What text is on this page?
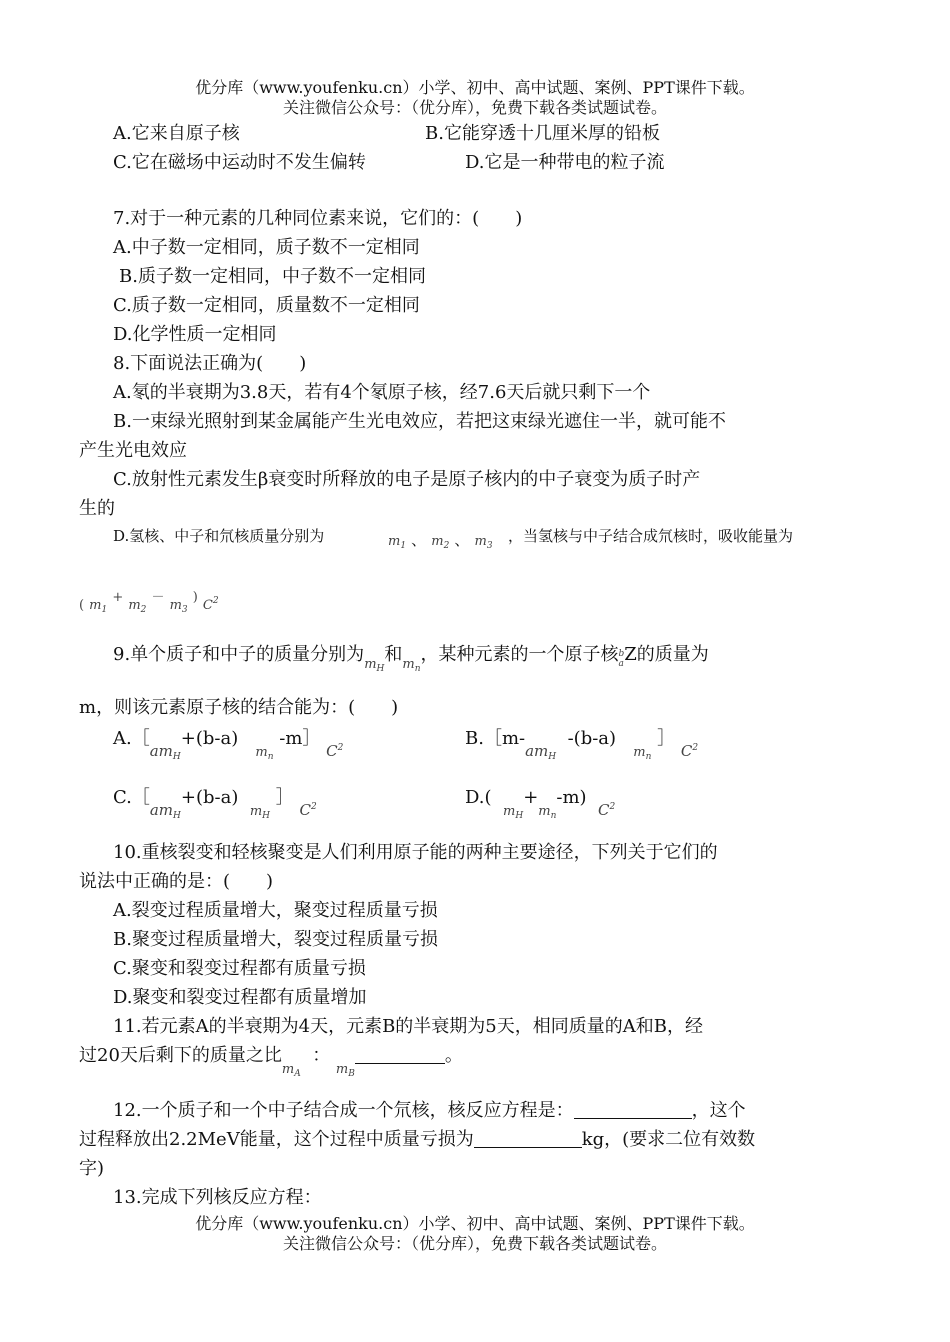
优分库（www.youfenku.cn）小学、初中、高中试题、案例、PPT课件下载。
关注微信公众号：（优分库），免费下载各类试题试卷。
A.它来自原子核	B.它能穿透十几厘米厚的铅板
C.它在磁场中运动时不发生偏转	D.它是一种带电的粒子流
7.对于一种元素的几种同位素来说，它们的：(　　)
A.中子数一定相同，质子数不一定相同
B.质子数一定相同，中子数不一定相同
C.质子数一定相同，质量数不一定相同
D.化学性质一定相同
8.下面说法正确为(　　)
A.氡的半衰期为3.8天，若有4个氡原子核，经7.6天后就只剩下一个
B.一束绿光照射到某金属能产生光电效应，若把这束绿光遮住一半，就可能不
产生光电效应
C.放射性元素发生β衰变时所释放的电子是原子核内的中子衰变为质子时产
生的
D.氢核、中子和氘核质量分别为	$m_1$ 、 $m_2$ 、 $m_3$
，当氢核与中子结合成氘核时，吸收能量为
( $m_1$ + $m_2$ － $m_3$ ) $C^2$
9.单个质子和中子的质量分别为$_{m_H}$和$_{m_n}$，某种元素的一个原子核b
aZ的质量为
m，则该元素原子核的结合能为：(　　)
$A.[_{am_H}+(b-a)$   $_{m_n}$ -m］ $_{C^2}$	$B.[m-_{am_H}$  -(b-a)   $_{m_n}$ ］ $_{C^2}$
$C.[_{am_H}+(b-a)$  $_{m_H}$ ］ $_{C^2}$	D.(  $_{m_H}+_{m_n}-m$)  $_{C^2}$
10.重核裂变和轻核聚变是人们利用原子能的两种主要途径，下列关于它们的
说法中正确的是：(　　)
A.裂变过程质量增大，聚变过程质量亏损
B.聚变过程质量增大，裂变过程质量亏损
C.聚变和裂变过程都有质量亏损
D.聚变和裂变过程都有质量增加
11.若元素A的半衰期为4天，元素B的半衰期为5天，相同质量的A和B，经
过20天后剩下的质量之比$_{m_A}$  ： $_{m_B}$。
12.一个质子和一个中子结合成一个氘核，核反应方程是：	，这个
过程释放出2.2MeV能量，这个过程中质量亏损为	kg，(要求二位有效数
字)
13.完成下列核反应方程：
优分库（www.youfenku.cn）小学、初中、高中试题、案例、PPT课件下载。
关注微信公众号：（优分库），免费下载各类试题试卷。
